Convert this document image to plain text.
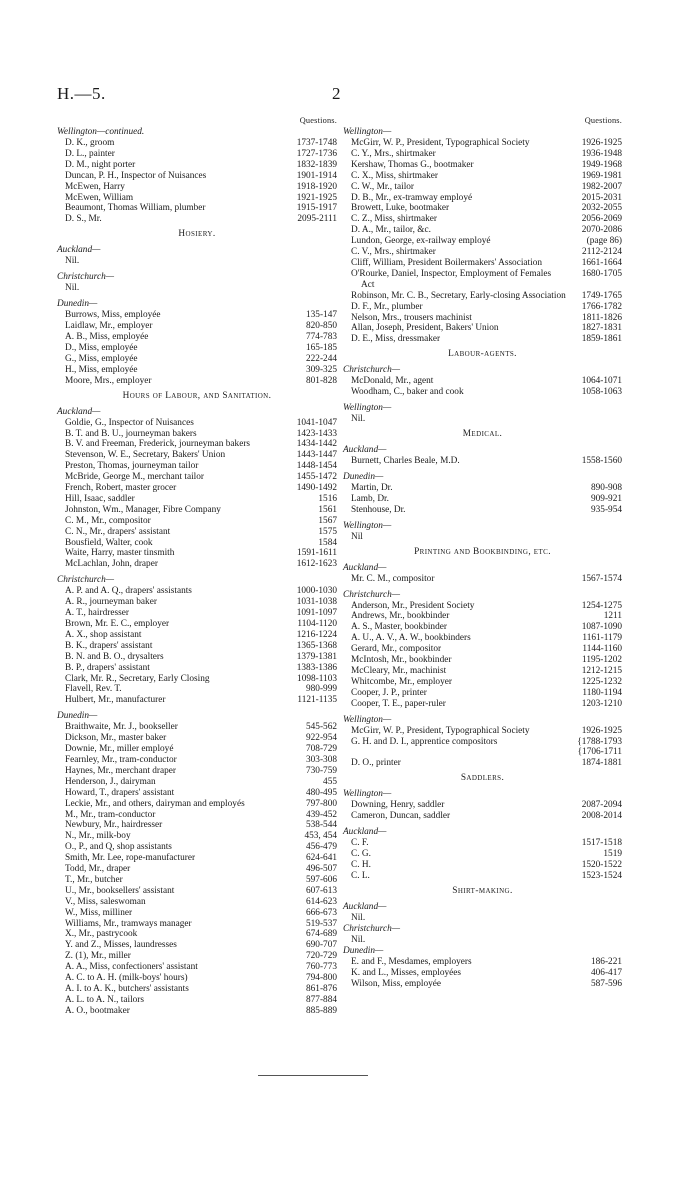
H.—5.	2
Questions.
Wellington—continued.
D. K., groom	1737-1748
D. L., painter	1727-1736
D. M., night porter	1832-1839
Duncan, P. H., Inspector of Nuisances	1901-1914
McEwen, Harry	1918-1920
McEwen, William	1921-1925
Beaumont, Thomas William, plumber	1915-1917
D. S., Mr.	2095-2111
Hosiery.
Auckland—
Nil.
Christchurch—
Nil.
Dunedin—
Burrows, Miss, employée	135-147
Laidlaw, Mr., employer	820-850
A. B., Miss, employée	774-783
D., Miss, employée	165-185
G., Miss, employée	222-244
H., Miss, employée	309-325
Moore, Mrs., employer	801-828
Hours of Labour, and Sanitation.
Auckland—
Goldie, G., Inspector of Nuisances	1041-1047
B. T. and B. U., journeyman bakers	1423-1433
B. V. and Freeman, Frederick, journeyman bakers	1434-1442
Stevenson, W. E., Secretary, Bakers' Union	1443-1447
Preston, Thomas, journeyman tailor	1448-1454
McBride, George M., merchant tailor	1455-1472
French, Robert, master grocer	1490-1492
Hill, Isaac, saddler	1516
Johnston, Wm., Manager, Fibre Company	1561
C. M., Mr., compositor	1567
C. N., Mr., drapers' assistant	1575
Bousfield, Walter, cook	1584
Waite, Harry, master tinsmith	1591-1611
McLachlan, John, draper	1612-1623
Christchurch—
A. P. and A. Q., drapers' assistants	1000-1030
A. R., journeyman baker	1031-1038
A. T., hairdresser	1091-1097
Brown, Mr. E. C., employer	1104-1120
A. X., shop assistant	1216-1224
B. K., drapers' assistant	1365-1368
B. N. and B. O., drysalters	1379-1381
B. P., drapers' assistant	1383-1386
Clark, Mr. R., Secretary, Early Closing	1098-1103
Flavell, Rev. T.	980-999
Hulbert, Mr., manufacturer	1121-1135
Dunedin—
Braithwaite, Mr. J., bookseller	545-562
Dickson, Mr., master baker	922-954
Downie, Mr., miller employé	708-729
Fearnley, Mr., tram-conductor	303-308
Haynes, Mr., merchant draper	730-759
Henderson, J., dairyman	455
Howard, T., drapers' assistant	480-495
Leckie, Mr., and others, dairyman and employés	797-800
M., Mr., tram-conductor	439-452
Newbury, Mr., hairdresser	538-544
N., Mr., milk-boy	453, 454
O., P., and Q, shop assistants	456-479
Smith, Mr. Lee, rope-manufacturer	624-641
Todd, Mr., draper	496-507
T., Mr., butcher	597-606
U., Mr., booksellers' assistant	607-613
V., Miss, saleswoman	614-623
W., Miss, milliner	666-673
Williams, Mr., tramways manager	519-537
X., Mr., pastrycook	674-689
Y. and Z., Misses, laundresses	690-707
Z. (1), Mr., miller	720-729
A. A., Miss, confectioners' assistant	760-773
A. C. to A. H. (milk-boys' hours)	794-800
A. I. to A. K., butchers' assistants	861-876
A. L. to A. N., tailors	877-884
A. O., bootmaker	885-889
Questions.
Wellington—
McGirr, W. P., President, Typographical Society	1926-1925
C. Y., Mrs., shirtmaker	1936-1948
Kershaw, Thomas G., bootmaker	1949-1968
C. X., Miss, shirtmaker	1969-1981
C. W., Mr., tailor	1982-2007
D. B., Mr., ex-tramway employé	2015-2031
Browett, Luke, bootmaker	2032-2055
C. Z., Miss, shirtmaker	2056-2069
D. A., Mr., tailor, &c.	2070-2086
Lundon, George, ex-railway employé	(page 86)
C. V., Mrs., shirtmaker	2112-2124
Cliff, William, President Boilermakers' Association	1661-1664
O'Rourke, Daniel, Inspector, Employment of Females Act
1680-1705
Robinson, Mr. C. B., Secretary, Early-closing Association	1749-1765
D. F., Mr., plumber	1766-1782
Nelson, Mrs., trousers machinist	1811-1826
Allan, Joseph, President, Bakers' Union	1827-1831
D. E., Miss, dressmaker	1859-1861
Labour-agents.
Christchurch—
McDonald, Mr., agent	1064-1071
Woodham, C., baker and cook	1058-1063
Wellington—
Nil.
Medical.
Auckland—
Burnett, Charles Beale, M.D.	1558-1560
Dunedin—
Martin, Dr.	890-908
Lamb, Dr.	909-921
Stenhouse, Dr.	935-954
Wellington—
Nil
Printing and Bookbinding, etc.
Auckland—
Mr. C. M., compositor	1567-1574
Christchurch—
Anderson, Mr., President Society	1254-1275
Andrews, Mr., bookbinder	1211
A. S., Master, bookbinder	1087-1090
A. U., A. V., A. W., bookbinders	1161-1179
Gerard, Mr., compositor	1144-1160
McIntosh, Mr., bookbinder	1195-1202
McCleary, Mr., machinist	1212-1215
Whitcombe, Mr., employer	1225-1232
Cooper, J. P., printer	1180-1194
Cooper, T. E., paper-ruler	1203-1210
Wellington—
McGirr, W. P., President, Typographical Society	1926-1925
G. H. and D. I., apprentice compositors	{1788-1793
{1706-1711
D. O., printer	1874-1881
Saddlers.
Wellington—
Downing, Henry, saddler	2087-2094
Cameron, Duncan, saddler	2008-2014
Auckland—
C. F.	1517-1518
C. G.	1519
C. H.	1520-1522
C. L.	1523-1524
Shirt-making.
Auckland—
Nil.
Christchurch—
Nil.
Dunedin—
E. and F., Mesdames, employers	186-221
K. and L., Misses, employées	406-417
Wilson, Miss, employée	587-596
